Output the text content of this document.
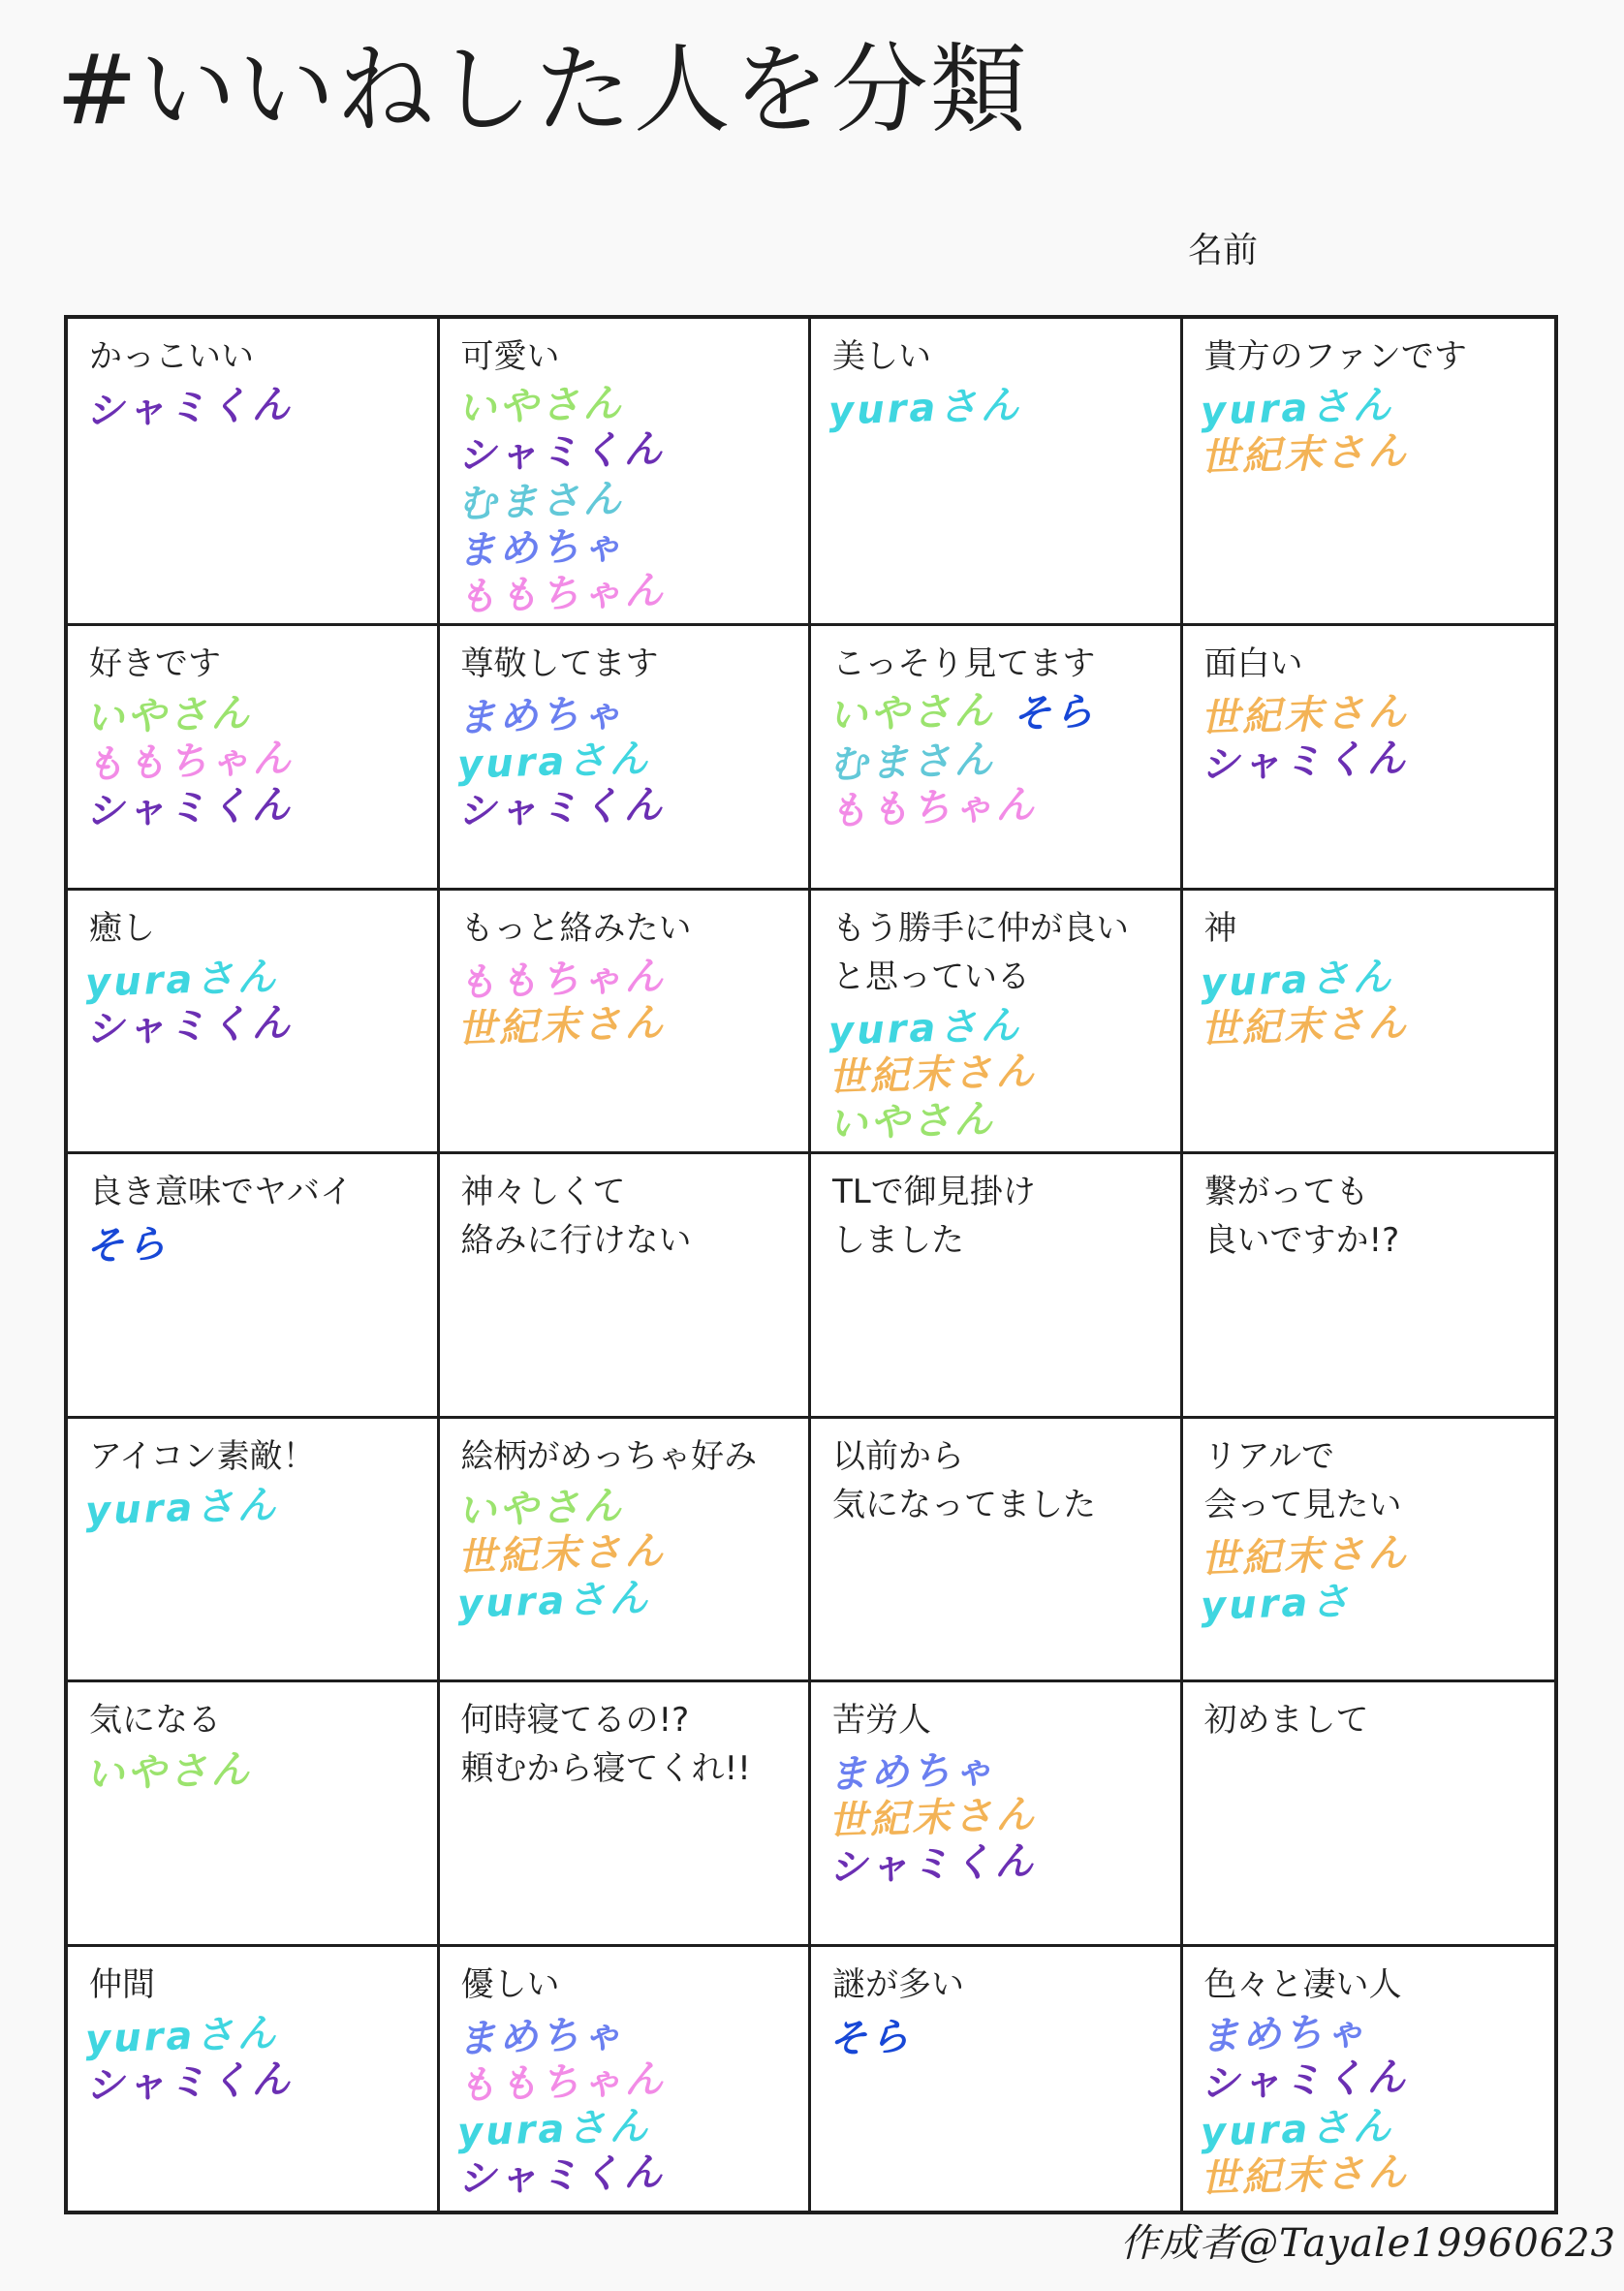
#いいねした人を分類
名前
かっこいい
シャミくん
可愛い
いやさん
シャミくん
むまさん
まめちゃ
ももちゃん
美しい
yuraさん
貴方のファンです
yuraさん
世紀末さん
好きです
いやさん
ももちゃん
シャミくん
尊敬してます
まめちゃ
yuraさん
シャミくん
こっそり見てます
いやさん そら
むまさん
ももちゃん
面白い
世紀末さん
シャミくん
癒し
yuraさん
シャミくん
もっと絡みたい
ももちゃん
世紀末さん
もう勝手に仲が良い
と思っている
yuraさん
世紀末さん
いやさん
神
yuraさん
世紀末さん
良き意味でヤバイ
そら
神々しくて
絡みに行けない
TLで御見掛け
しました
繋がっても
良いですか!?
アイコン素敵！
yuraさん
絵柄がめっちゃ好み
いやさん
世紀末さん
yuraさん
以前から
気になってました
リアルで
会って見たい
世紀末さん
yuraさ
気になる
いやさん
何時寝てるの!?
頼むから寝てくれ!!
苦労人
まめちゃ
世紀末さん
シャミくん
初めまして
仲間
yuraさん
シャミくん
優しい
まめちゃ
ももちゃん
yuraさん
シャミくん
謎が多い
そら
色々と凄い人
まめちゃ
シャミくん
yuraさん
世紀末さん
作成者@Tayale19960623
